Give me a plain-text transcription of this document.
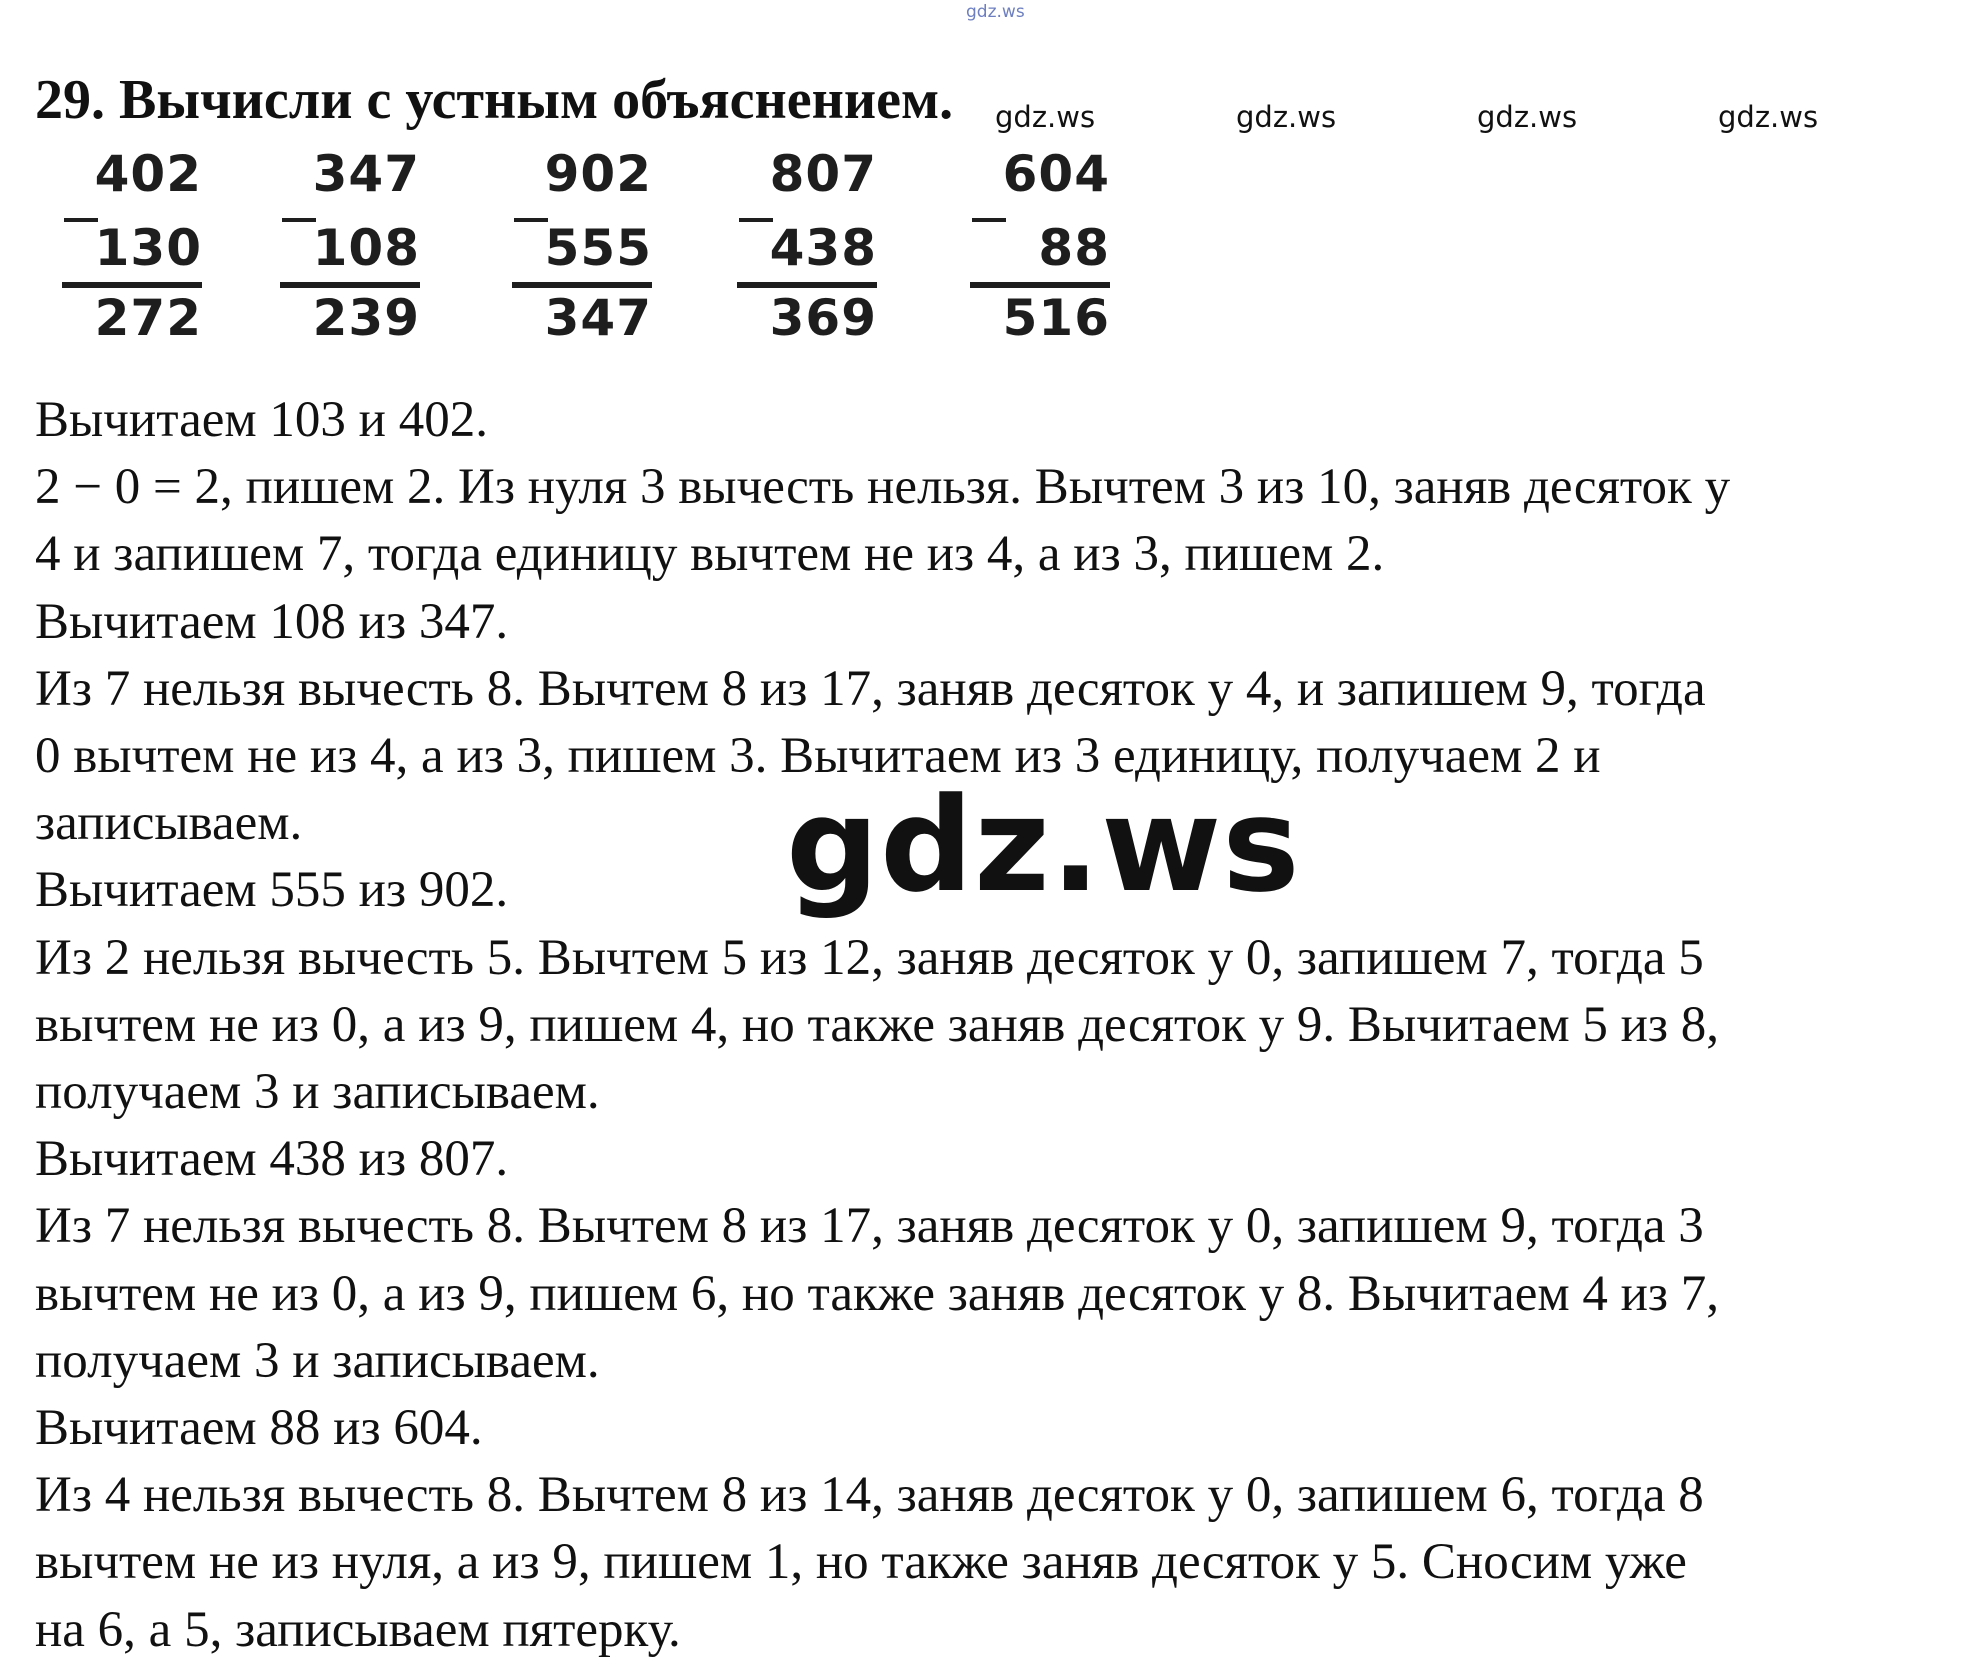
gdz.ws
29. Вычисли с устным объяснением. gdz.ws	gdz.ws	gdz.ws	gdz.ws
402
130
272
347
108
239
902
555
347
807
438
369
604
88
516
Вычитаем 103 и 402.
2 − 0 = 2, пишем 2. Из нуля 3 вычесть нельзя. Вычтем 3 из 10, заняв десяток у
4 и запишем 7, тогда единицу вычтем не из 4, а из 3, пишем 2.
Вычитаем 108 из 347.
Из 7 нельзя вычесть 8. Вычтем 8 из 17, заняв десяток у 4, и запишем 9, тогда
0 вычтем не из 4, а из 3, пишем 3. Вычитаем из 3 единицу, получаем 2 и
записываем.
Вычитаем 555 из 902.
Из 2 нельзя вычесть 5. Вычтем 5 из 12, заняв десяток у 0, запишем 7, тогда 5
вычтем не из 0, а из 9, пишем 4, но также заняв десяток у 9. Вычитаем 5 из 8,
получаем 3 и записываем.
Вычитаем 438 из 807.
Из 7 нельзя вычесть 8. Вычтем 8 из 17, заняв десяток у 0, запишем 9, тогда 3
вычтем не из 0, а из 9, пишем 6, но также заняв десяток у 8. Вычитаем 4 из 7,
получаем 3 и записываем.
Вычитаем 88 из 604.
Из 4 нельзя вычесть 8. Вычтем 8 из 14, заняв десяток у 0, запишем 6, тогда 8
вычтем не из нуля, а из 9, пишем 1, но также заняв десяток у 5. Сносим уже
на 6, а 5, записываем пятерку.
gdz.ws
